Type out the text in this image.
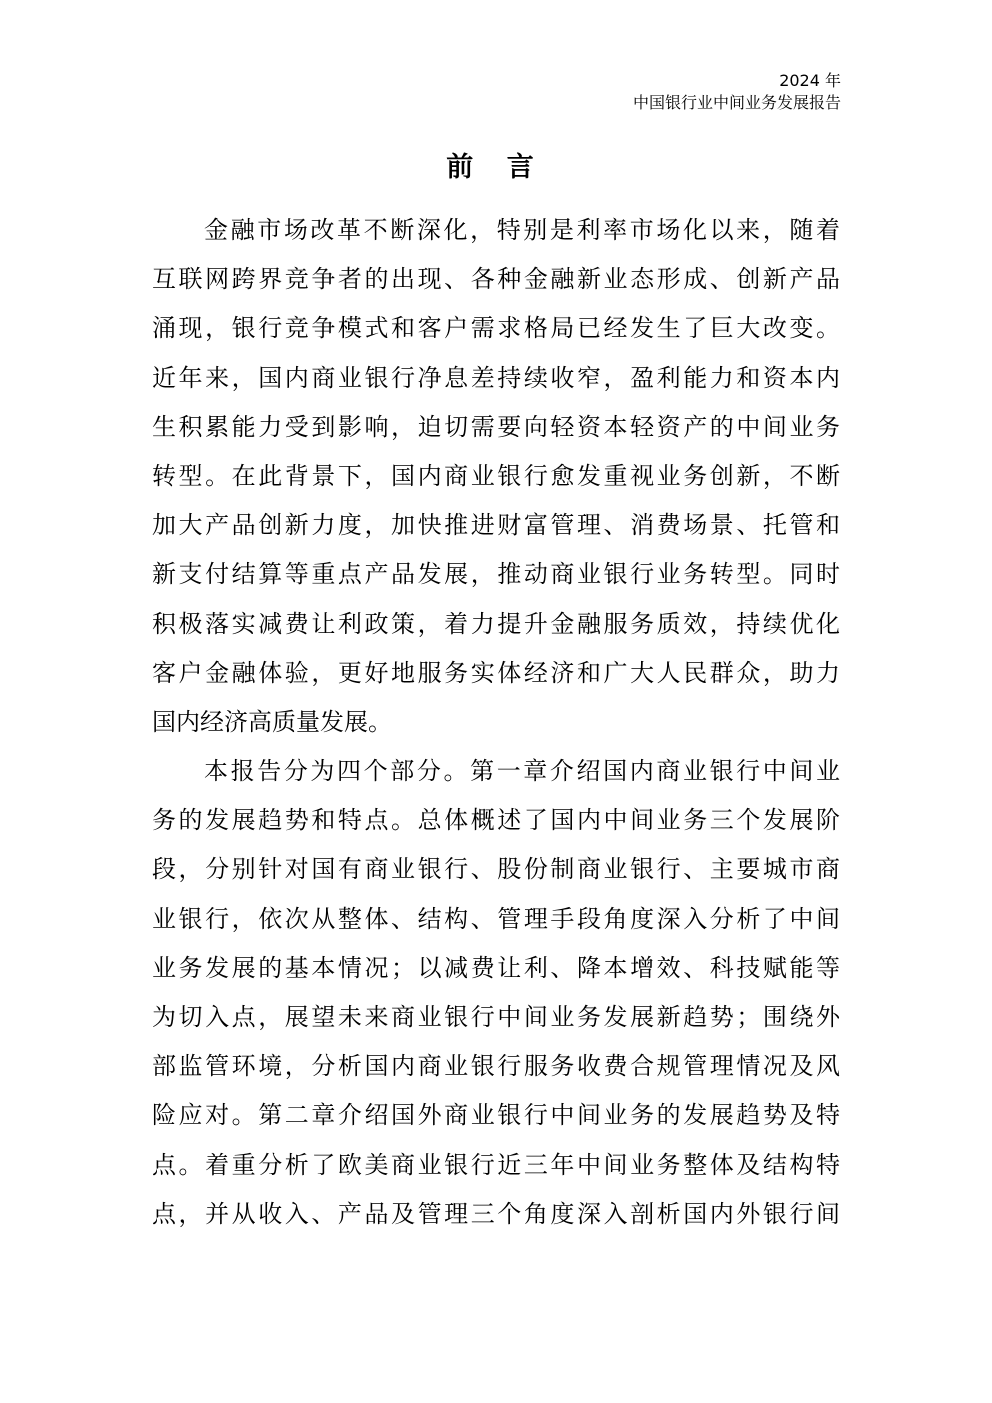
2024 年
中国银行业中间业务发展报告
前 言
金融市场改革不断深化，特别是利率市场化以来，随着
互联网跨界竞争者的出现、各种金融新业态形成、创新产品
涌现，银行竞争模式和客户需求格局已经发生了巨大改变。
近年来，国内商业银行净息差持续收窄，盈利能力和资本内
生积累能力受到影响，迫切需要向轻资本轻资产的中间业务
转型。在此背景下，国内商业银行愈发重视业务创新，不断
加大产品创新力度，加快推进财富管理、消费场景、托管和
新支付结算等重点产品发展，推动商业银行业务转型。同时
积极落实减费让利政策，着力提升金融服务质效，持续优化
客户金融体验，更好地服务实体经济和广大人民群众，助力
国内经济高质量发展。
本报告分为四个部分。第一章介绍国内商业银行中间业
务的发展趋势和特点。总体概述了国内中间业务三个发展阶
段，分别针对国有商业银行、股份制商业银行、主要城市商
业银行，依次从整体、结构、管理手段角度深入分析了中间
业务发展的基本情况；以减费让利、降本增效、科技赋能等
为切入点，展望未来商业银行中间业务发展新趋势；围绕外
部监管环境，分析国内商业银行服务收费合规管理情况及风
险应对。第二章介绍国外商业银行中间业务的发展趋势及特
点。着重分析了欧美商业银行近三年中间业务整体及结构特
点，并从收入、产品及管理三个角度深入剖析国内外银行间
